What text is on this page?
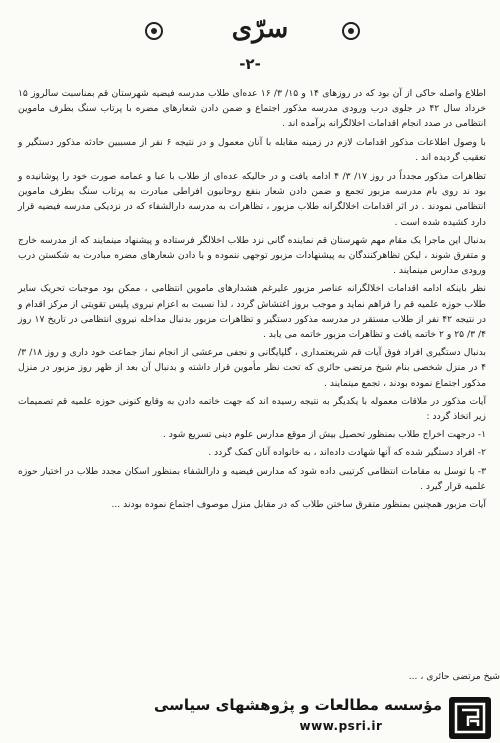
سرّی
-۲-

اطلاع واصله حاکی از آن بود که در روزهای ۱۴ و ۱۵/ ۳/ ۱۶ عده‌ای طلاب مدرسه فیضیه شهرستان قم بمناسبت سالروز ۱۵ خرداد سال ۴۲ در جلوی درب ورودی مدرسه مذکور اجتماع و ضمن دادن شعارهای مضره با پرتاب سنگ بطرف ماموین انتظامی در صدد انجام اقدامات اخلالگرانه برآمده اند .

با وصول اطلاعات مذکور اقدامات لازم در زمینه مقابله با آنان معمول و در نتیجه ۶ نفر از مسببین حادثه مذکور دستگیر و تعقیب گردیده اند .

تظاهرات مذکور مجدداً در روز ۱۷/ ۳/ ۴ ادامه یافت و در حالیکه عده‌ای از طلاب با عبا و عمامه صورت خود را پوشانیده و بود ند روی بام مدرسه مزبور تجمع و ضمن دادن شعار بنفع روحانیون افراطی مبادرت به پرتاب سنگ بطرف ماموین انتظامی نمودند . در اثر اقدامات اخلالگرانه طلاب مزبور ، تظاهرات به مدرسه دارالشفاء که در نزدیکی مدرسه فیضیه قرار دارد کشیده شده است .

بدنبال این ماجرا یک مقام مهم شهرستان قم نماینده گانی نزد طلاب اخلالگر فرستاده و پیشنهاد مینمایند که از مدرسه خارج و متفرق شوند ، لیکن تظاهرکنندگان به پیشنهادات مزبور توجهی ننموده و با دادن شعارهای مضره مبادرت به شکستن درب ورودی مدارس مینمایند .

نظر باینکه ادامه اقدامات اخلالگرانه عناصر مزبور علیرغم هشدارهای ماموین انتظامی ، ممکن بود موجبات تحریک سایر طلاب حوزه علمیه قم را فراهم نماید و موجب بروز اغتشاش گردد ، لذا نسبت به اعزام نیروی پلیس تقویتی از مرکز اقدام و در نتیجه ۴۲ نفر از طلاب مستقر در مدرسه مذکور دستگیر و تظاهرات مزبور بدنبال مداخله نیروی انتظامی در تاریخ ۱۷ روز ۴/ ۳/ ۲۵ و ۲ خاتمه یافت و تظاهرات مزبور خاتمه می یابد .

بدنبال دستگیری افراد فوق آیات قم شریعتمداری ، گلپایگانی و نجفی مرعشی از انجام نماز جماعت خود داری و روز ۱۸/ ۳/ ۴ در منزل شخصی بنام شیخ مرتضی حائری که تحت نظر مأموین قرار داشته و بدنبال آن بعد از ظهر روز مزبور در منزل مذکور اجتماع نموده بودند ، تجمع مینمایند .

آیات مذکور در ملاقات معموله با یکدیگر به نتیجه رسیده اند که جهت خاتمه دادن به وقایع کنونی حوزه علمیه قم تصمیمات زیر اتخاذ گردد :

۱- درجهت اخراج طلاب بمنظور تحصیل بیش از موقع مدارس علوم دینی تسریع شود .

۲- افراد دستگیر شده که آنها شهادت داده‌اند ، به خانواده آنان کمک گردد .

۳- با توسل به مقامات انتظامی کرتیبی داده شود که مدارس فیضیه و دارالشفاء بمنظور اسکان مجدد طلاب در اختیار حوزه علمیه قرار گیرد .

آیات مزبور همچنین بمنظور متفرق ساختن طلاب که در مقابل منزل موصوف اجتماع نموده بودند ...

شیخ مرتضی حائری ، ...
مؤسسه مطالعات و پژوهشهای سیاسی
www.psri.ir
